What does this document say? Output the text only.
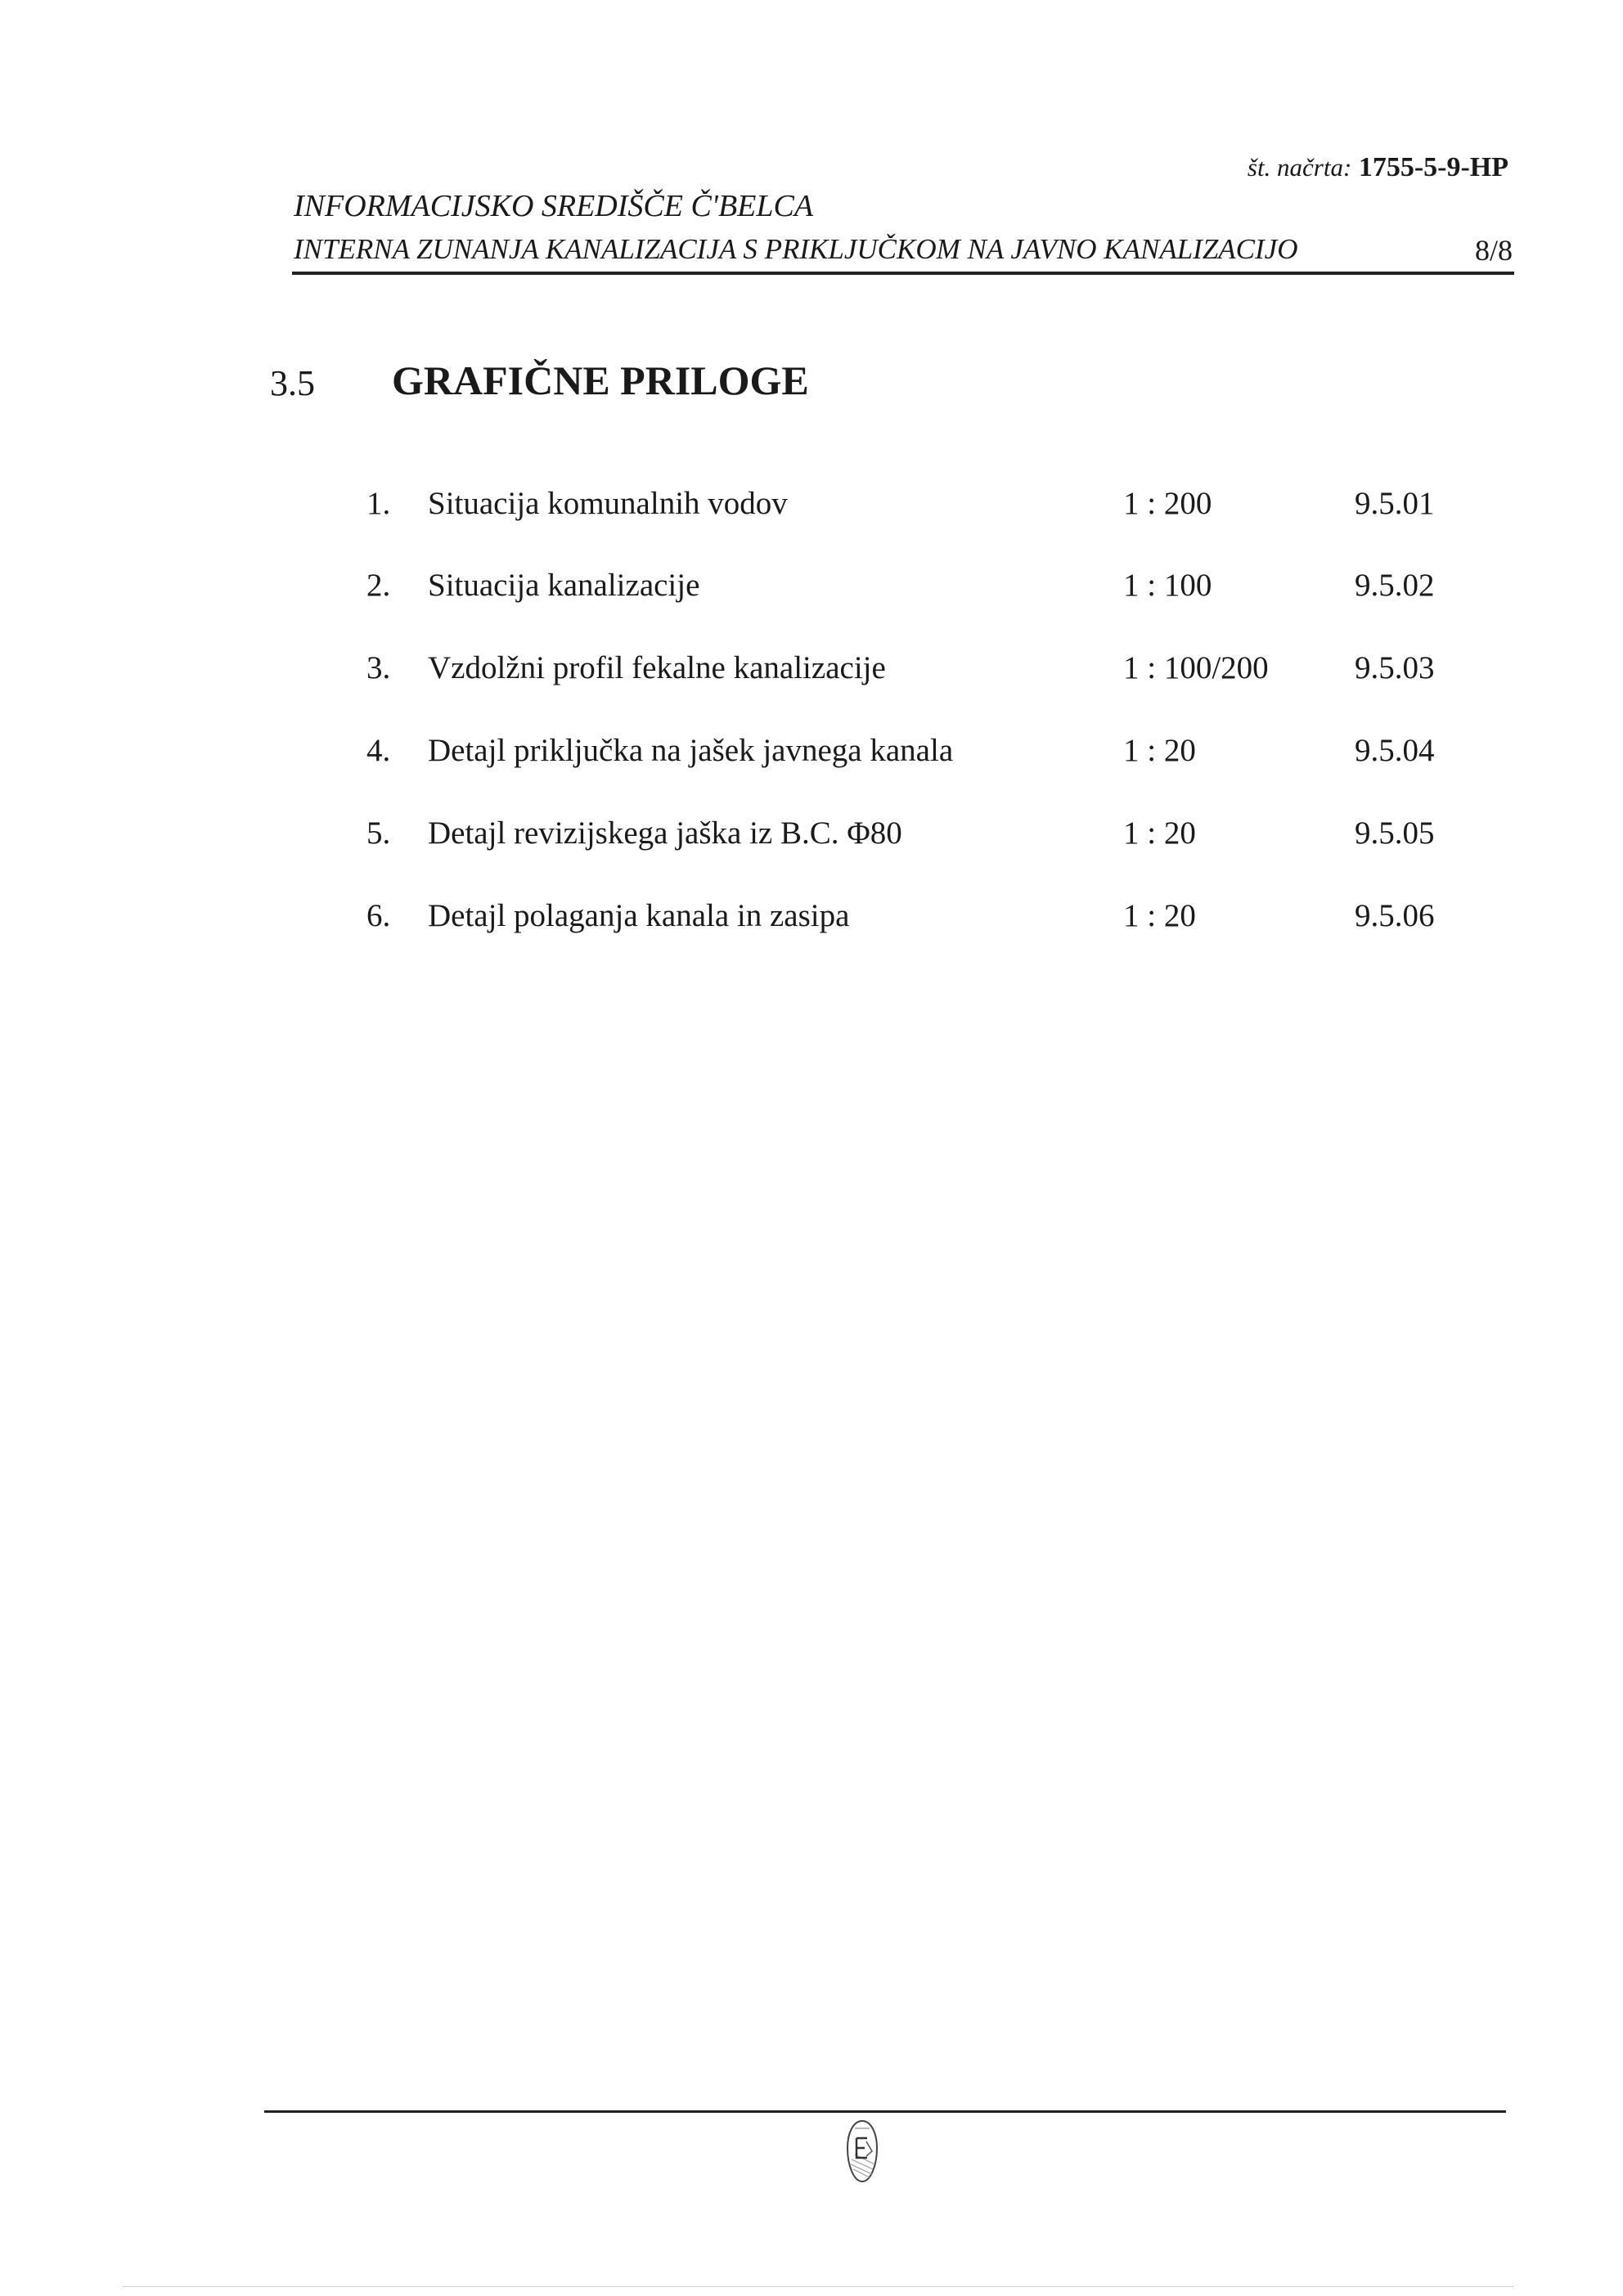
št. načrta: 1755-5-9-HP
INFORMACIJSKO SREDIŠČE Č'BELCA
INTERNA ZUNANJA KANALIZACIJA S PRIKLJUČKOM NA JAVNO KANALIZACIJO	8/8
3.5 GRAFIČNE PRILOGE
1. Situacija komunalnih vodov	1 : 200	9.5.01
2. Situacija kanalizacije	1 : 100	9.5.02
3. Vzdolžni profil fekalne kanalizacije	1 : 100/200	9.5.03
4. Detajl priključka na jašek javnega kanala	1 : 20	9.5.04
5. Detajl revizijskega jaška iz B.C. Φ80	1 : 20	9.5.05
6. Detajl polaganja kanala in zasipa	1 : 20	9.5.06
